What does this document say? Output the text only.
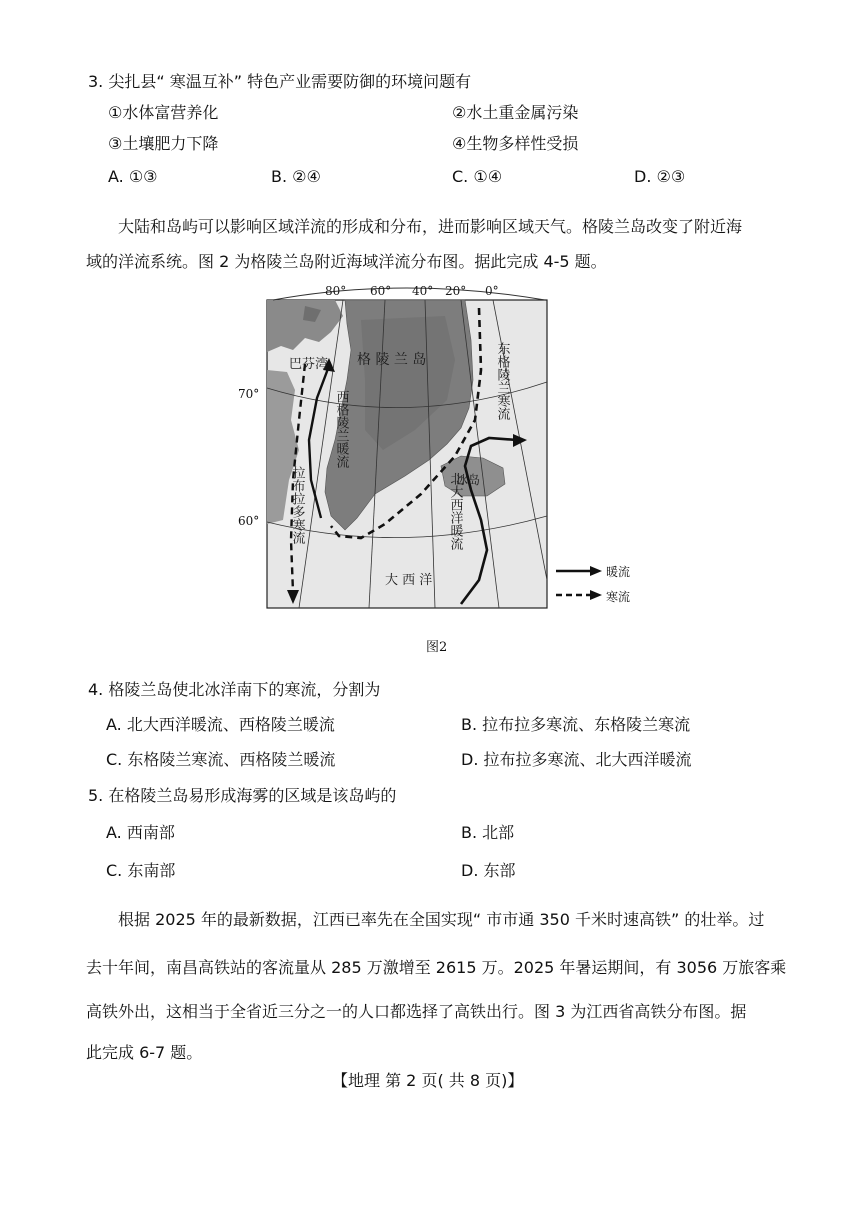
3. 尖扎县“ 寒温互补” 特色产业需要防御的环境问题有
①水体富营养化	②水土重金属污染
③土壤肥力下降	④生物多样性受损
A. ①③	B. ②④	C. ①④	D. ②③
大陆和岛屿可以影响区域洋流的形成和分布，进而影响区域天气。格陵兰岛改变了附近海
域的洋流系统。图 2 为格陵兰岛附近海域洋流分布图。据此完成 4-5 题。
80° 60° 40° 20° 0°
巴芬湾 格 陵 兰 岛
大 西 洋
冰岛
东格陵兰寒流
西格陵兰暖流
拉布拉多寒流	北大西洋暖流
70°
60°
暖流
寒流
图2
4. 格陵兰岛使北冰洋南下的寒流，分割为
A. 北大西洋暖流、西格陵兰暖流	B. 拉布拉多寒流、东格陵兰寒流
C. 东格陵兰寒流、西格陵兰暖流	D. 拉布拉多寒流、北大西洋暖流
5. 在格陵兰岛易形成海雾的区域是该岛屿的
A. 西南部	B. 北部
C. 东南部	D. 东部
根据 2025 年的最新数据，江西已率先在全国实现“ 市市通 350 千米时速高铁” 的壮举。过
去十年间，南昌高铁站的客流量从 285 万激增至 2615 万。2025 年暑运期间，有 3056 万旅客乘
高铁外出，这相当于全省近三分之一的人口都选择了高铁出行。图 3 为江西省高铁分布图。据
此完成 6-7 题。
【地理 第 2 页( 共 8 页)】
